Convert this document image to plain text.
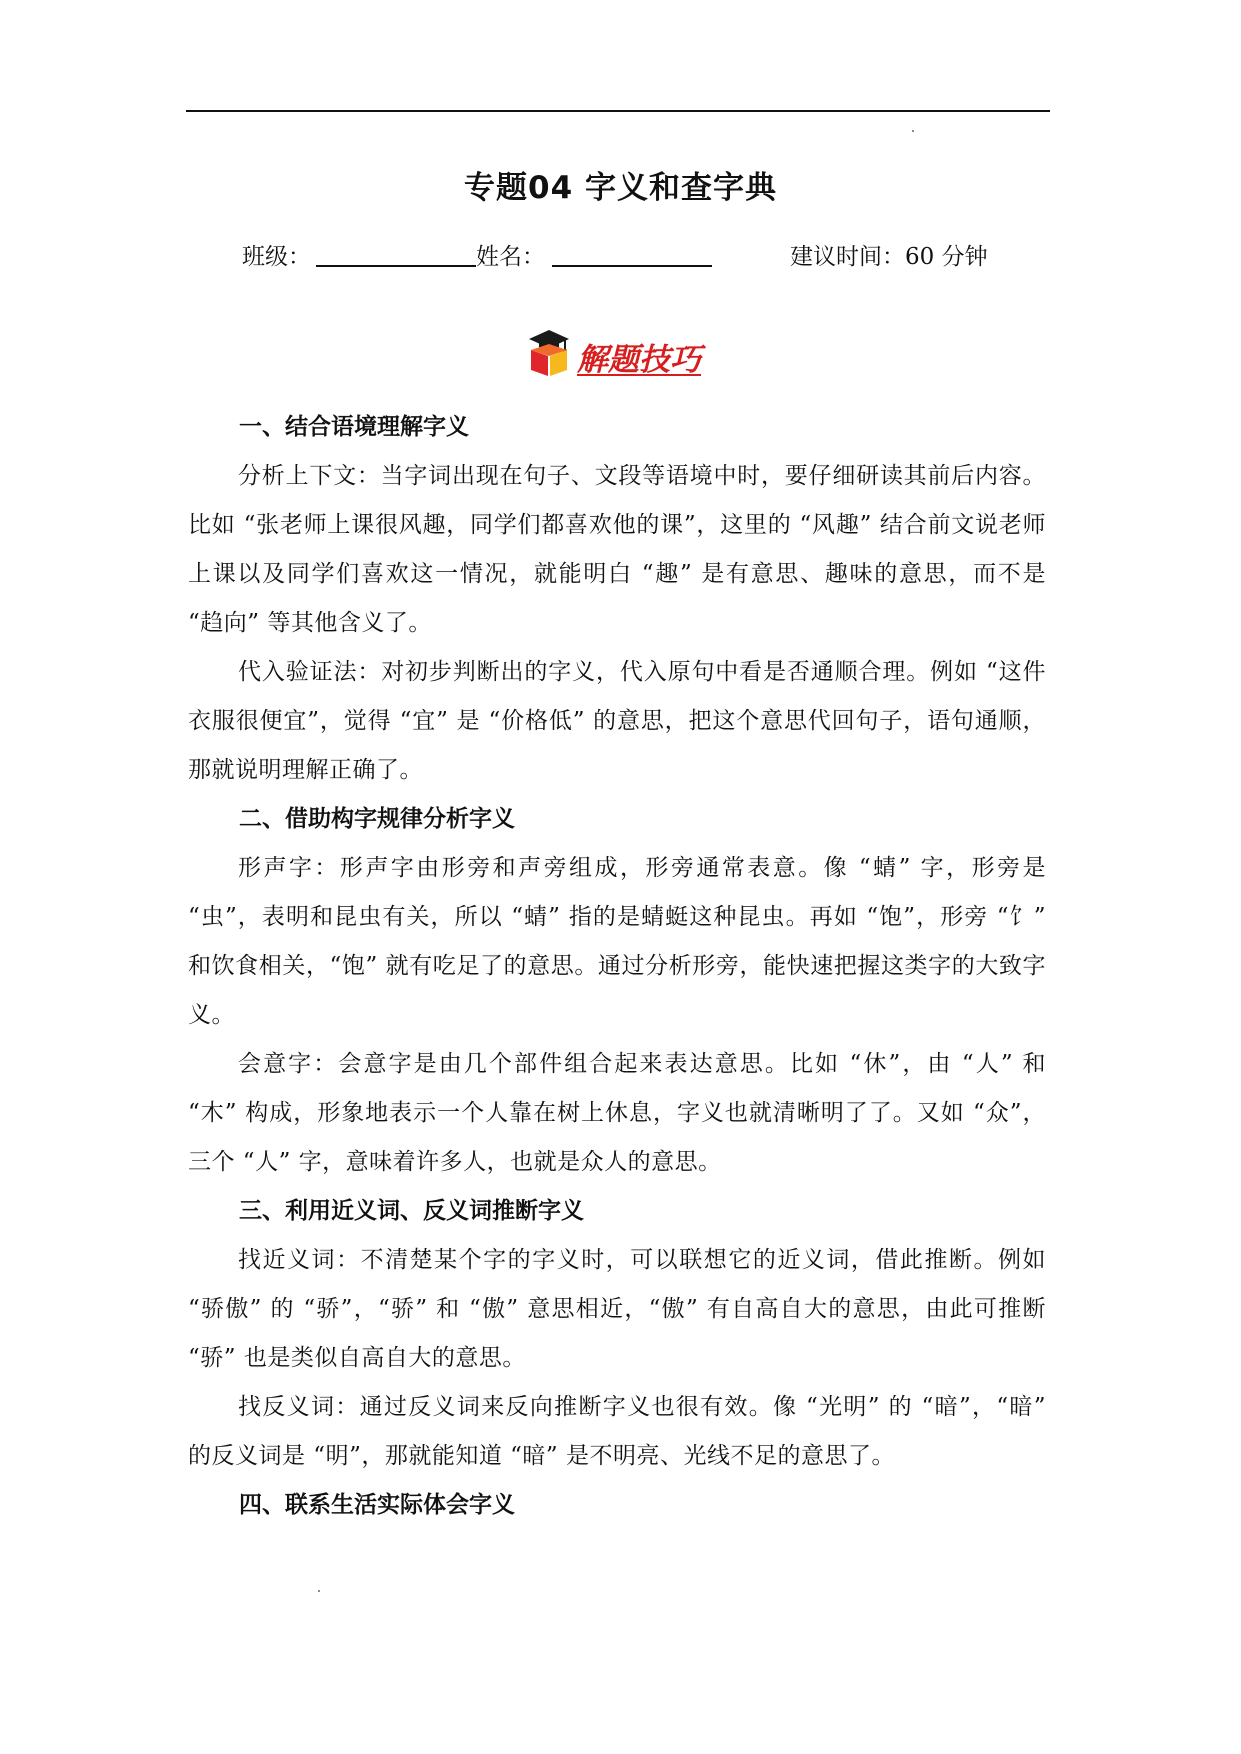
专题04 字义和查字典
班级：	姓名：	建议时间：60 分钟
解题技巧
一、结合语境理解字义

分析上下文：当字词出现在句子、文段等语境中时，要仔细研读其前后内容。比如 “张老师上课很风趣，同学们都喜欢他的课”，这里的 “风趣” 结合前文说老师上课以及同学们喜欢这一情况，就能明白 “趣” 是有意思、趣味的意思，而不是 “趋向” 等其他含义了。

代入验证法：对初步判断出的字义，代入原句中看是否通顺合理。例如 “这件衣服很便宜”，觉得 “宜” 是 “价格低” 的意思，把这个意思代回句子，语句通顺，那就说明理解正确了。

二、借助构字规律分析字义

形声字：形声字由形旁和声旁组成，形旁通常表意。像 “蜻” 字，形旁是 “虫”，表明和昆虫有关，所以 “蜻” 指的是蜻蜓这种昆虫。再如 “饱”，形旁 “饣” 和饮食相关，“饱” 就有吃足了的意思。通过分析形旁，能快速把握这类字的大致字义。

会意字：会意字是由几个部件组合起来表达意思。比如 “休”，由 “人” 和 “木” 构成，形象地表示一个人靠在树上休息，字义也就清晰明了了。又如 “众”，三个 “人” 字，意味着许多人，也就是众人的意思。

三、利用近义词、反义词推断字义

找近义词：不清楚某个字的字义时，可以联想它的近义词，借此推断。例如 “骄傲” 的 “骄”，“骄” 和 “傲” 意思相近，“傲” 有自高自大的意思，由此可推断 “骄” 也是类似自高自大的意思。

找反义词：通过反义词来反向推断字义也很有效。像 “光明” 的 “暗”，“暗” 的反义词是 “明”，那就能知道 “暗” 是不明亮、光线不足的意思了。

四、联系生活实际体会字义
